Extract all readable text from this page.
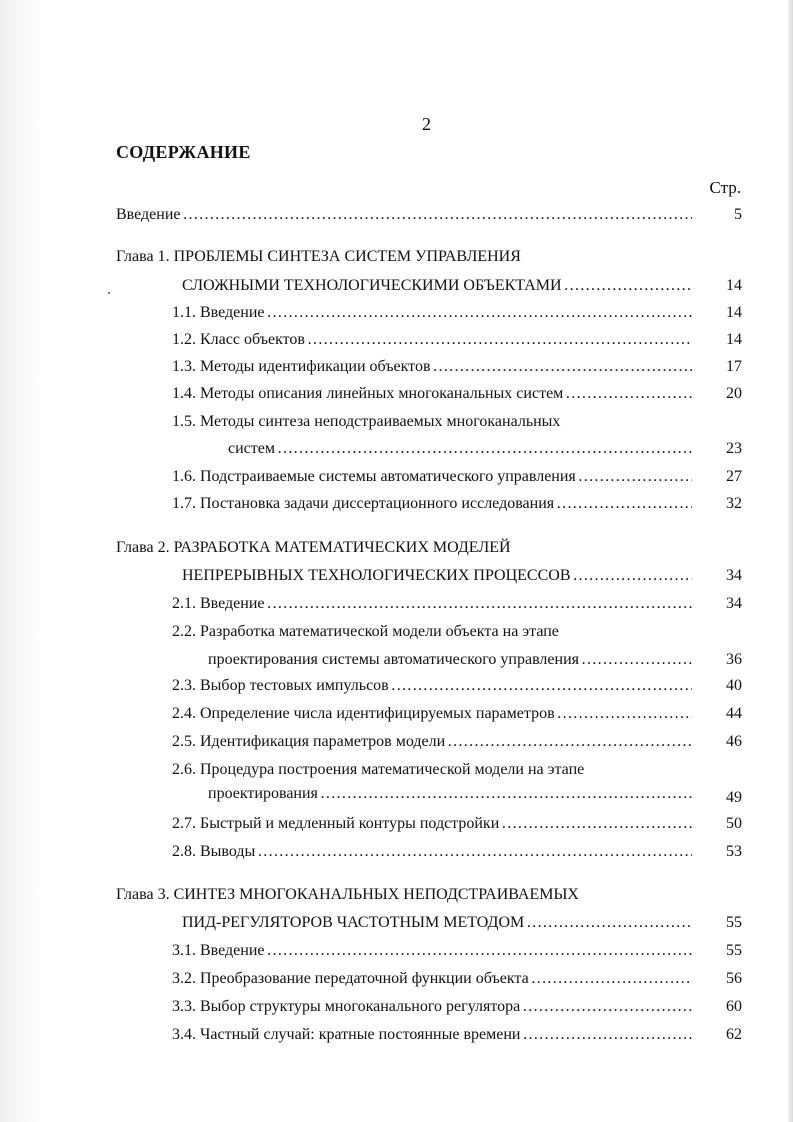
2
СОДЕРЖАНИЕ
Стр.
Введение ……………………………………………………………………………………………………………………………………………………	5
Глава 1. ПРОБЛЕМЫ СИНТЕЗА СИСТЕМ УПРАВЛЕНИЯ
СЛОЖНЫМИ ТЕХНОЛОГИЧЕСКИМИ ОБЪЕКТАМИ ……………………………………………………………………………………………………………………………………………………	14
1.1. Введение ……………………………………………………………………………………………………………………………………………………	14
1.2. Класс объектов ……………………………………………………………………………………………………………………………………………………	14
1.3. Методы идентификации объектов ……………………………………………………………………………………………………………………………………………………	17
1.4. Методы описания линейных многоканальных систем ……………………………………………………………………………………………………………………………………………………	20
1.5. Методы синтеза неподстраиваемых многоканальных
систем ……………………………………………………………………………………………………………………………………………………	23
1.6. Подстраиваемые системы автоматического управления ……………………………………………………………………………………………………………………………………………………	27
1.7. Постановка задачи диссертационного исследования ……………………………………………………………………………………………………………………………………………………	32
Глава 2. РАЗРАБОТКА МАТЕМАТИЧЕСКИХ МОДЕЛЕЙ
НЕПРЕРЫВНЫХ ТЕХНОЛОГИЧЕСКИХ ПРОЦЕССОВ ……………………………………………………………………………………………………………………………………………………	34
2.1. Введение ……………………………………………………………………………………………………………………………………………………	34
2.2. Разработка математической модели объекта на этапе
проектирования системы автоматического управления ……………………………………………………………………………………………………………………………………………………	36
2.3. Выбор тестовых импульсов ……………………………………………………………………………………………………………………………………………………	40
2.4. Определение числа идентифицируемых параметров ……………………………………………………………………………………………………………………………………………………	44
2.5. Идентификация параметров модели ……………………………………………………………………………………………………………………………………………………	46
2.6. Процедура построения математической модели на этапе
проектирования ……………………………………………………………………………………………………………………………………………………	49
2.7. Быстрый и медленный контуры подстройки ……………………………………………………………………………………………………………………………………………………	50
2.8. Выводы ……………………………………………………………………………………………………………………………………………………	53
Глава 3. СИНТЕЗ МНОГОКАНАЛЬНЫХ НЕПОДСТРАИВАЕМЫХ
ПИД-РЕГУЛЯТОРОВ ЧАСТОТНЫМ МЕТОДОМ ……………………………………………………………………………………………………………………………………………………	55
3.1. Введение ……………………………………………………………………………………………………………………………………………………	55
3.2. Преобразование передаточной функции объекта ……………………………………………………………………………………………………………………………………………………	56
3.3. Выбор структуры многоканального регулятора ……………………………………………………………………………………………………………………………………………………	60
3.4. Частный случай: кратные постоянные времени ……………………………………………………………………………………………………………………………………………………	62
